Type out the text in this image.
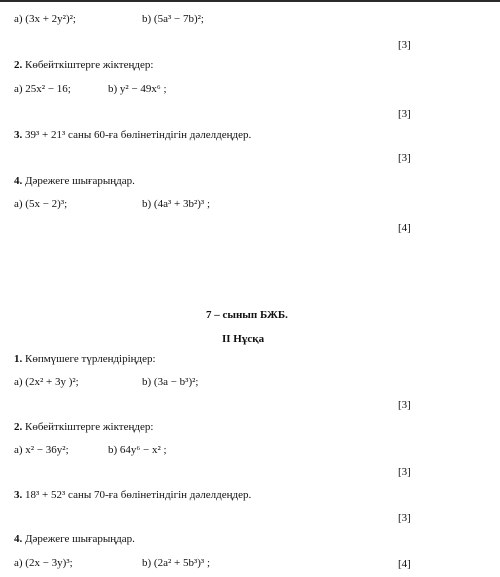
а) (3x + 2y²)²;	b) (5a³ − 7b)²;
[3]
2. Көбейткіштерге жіктеңдер:
а) 25x² − 16;	b) y² − 49x⁶ ;
[3]
3. 39³ + 21³ саны 60-ға бөлінетіндігін дәлелдеңдер.
[3]
4. Дәрежеге шығарыңдар.
а) (5x − 2)³;	b) (4a³ + 3b²)³ ;
[4]
7 – сынып БЖБ.
II Нұсқа
1. Көпмүшеге түрлендіріңдер:
а) (2x² + 3y )²;	b) (3a − b³)²;
[3]
2. Көбейткіштерге жіктеңдер:
а) x² − 36y²;	b) 64y⁶ − x² ;
[3]
3. 18³ + 52³ саны 70-ға бөлінетіндігін дәлелдеңдер.
[3]
4. Дәрежеге шығарыңдар.
а) (2x − 3y)³;	b) (2a² + 5b³)³ ;	[4]
